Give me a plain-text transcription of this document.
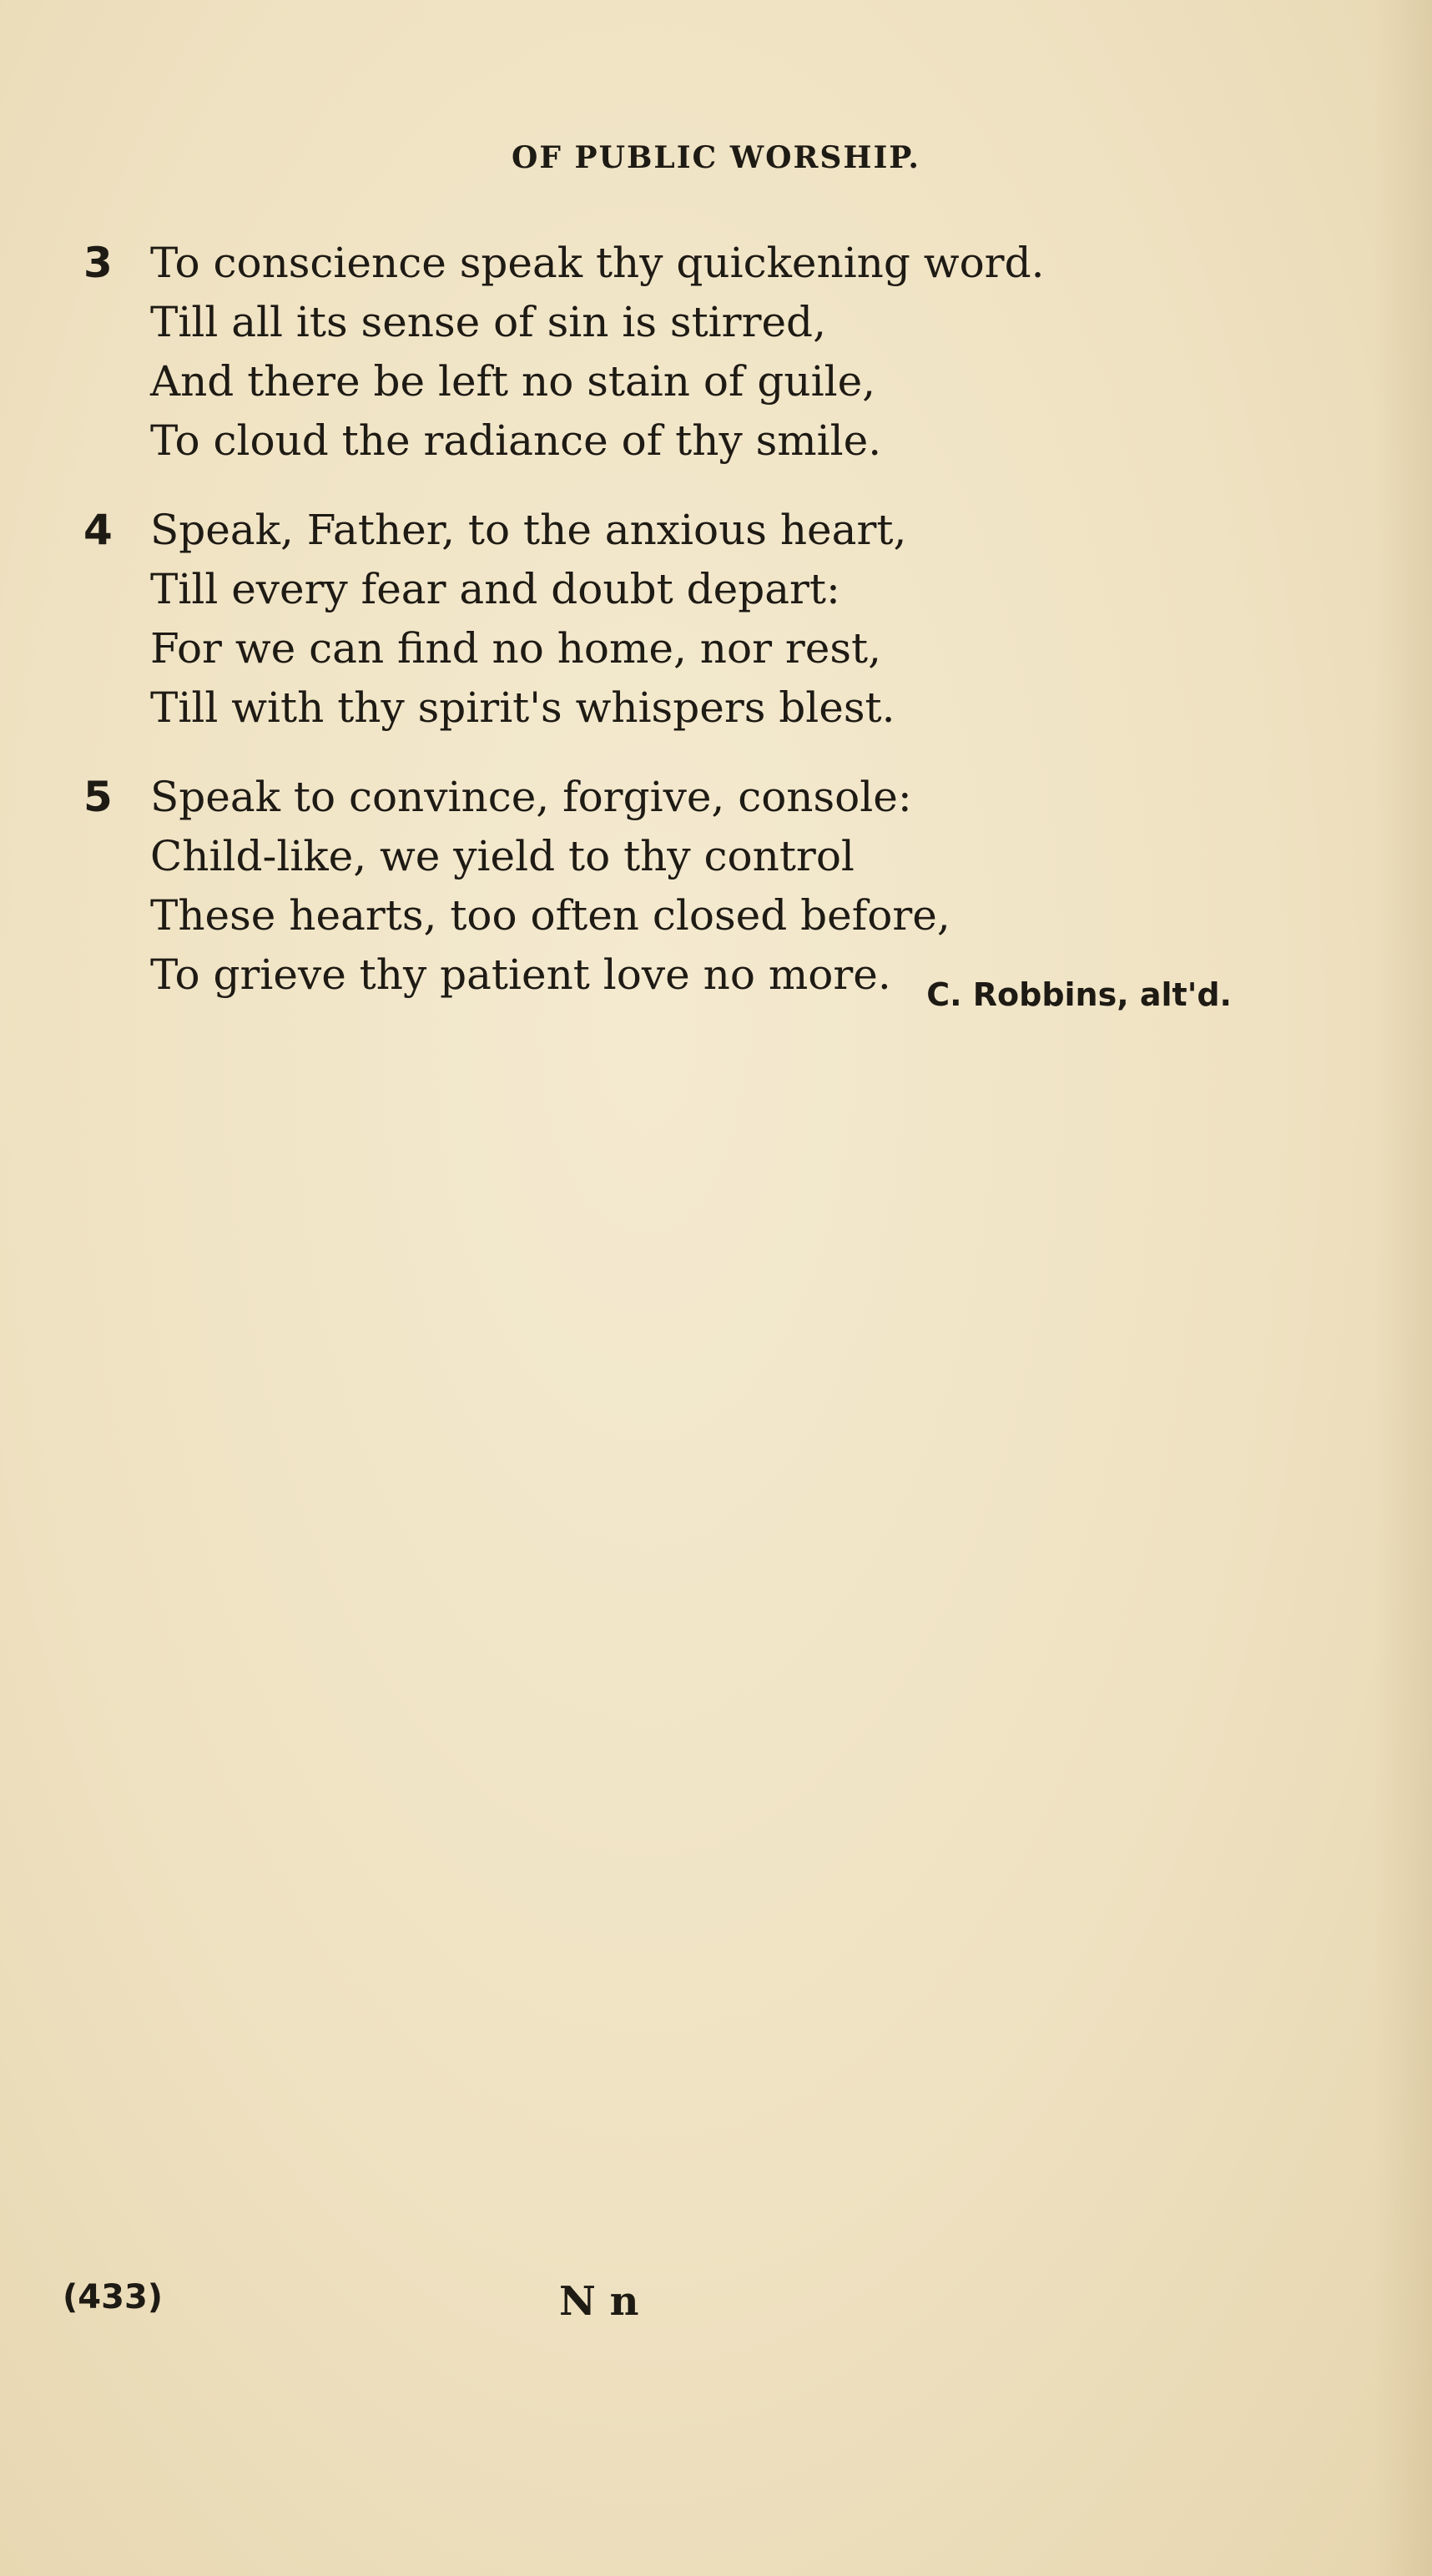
OF PUBLIC WORSHIP.
3 To conscience speak thy quickening word.
Till all its sense of sin is stirred,
And there be left no stain of guile,
To cloud the radiance of thy smile.
4 Speak, Father, to the anxious heart,
Till every fear and doubt depart:
For we can find no home, nor rest,
Till with thy spirit's whispers blest.
5 Speak to convince, forgive, console:
Child-like, we yield to thy control
These hearts, too often closed before,
To grieve thy patient love no more.	C. Robbins, alt'd.
(433)	N n
